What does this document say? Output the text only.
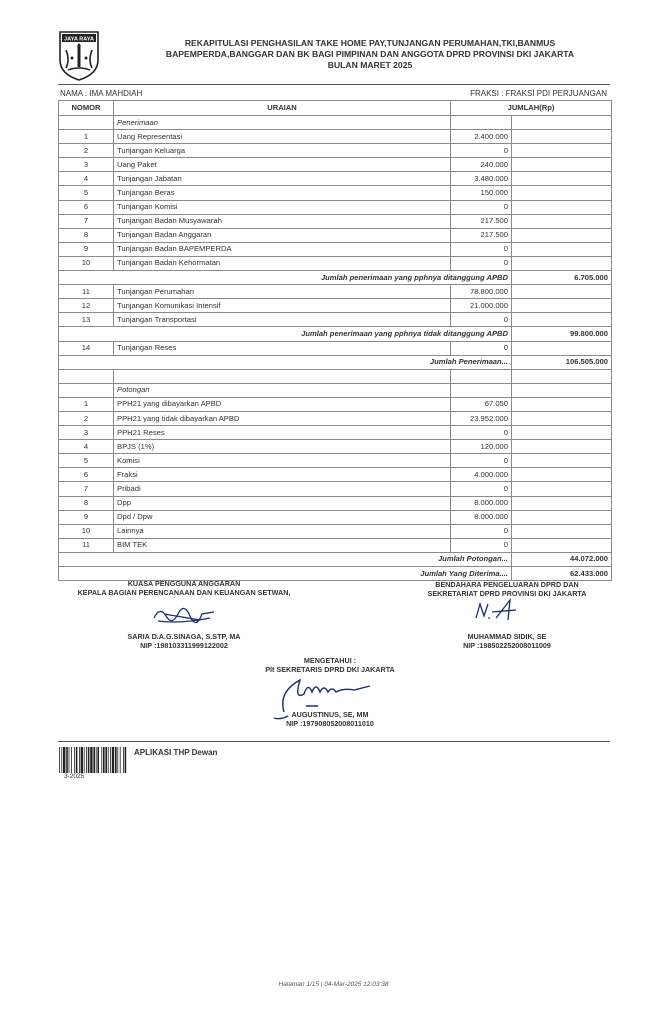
JAYA RAYA	REKAPITULASI PENGHASILAN TAKE HOME PAY,TUNJANGAN PERUMAHAN,TKI,BANMUS
BAPEMPERDA,BANGGAR DAN BK BAGI PIMPINAN DAN ANGGOTA DPRD PROVINSI DKI JAKARTA
BULAN MARET 2025
NAMA : IMA MAHDIAH	FRAKSI : FRAKSI PDI PERJUANGAN
NOMOR	URAIAN	JUMLAH(Rp)	
	Penerimaan		
1	Uang Representasi	2.400.000	
2	Tunjangan Keluarga	0	
3	Uang Paket	240.000	
4	Tunjangan Jabatan	3.480.000	
5	Tunjangan Beras	150.000	
6	Tunjangan Komisi	0	
7	Tunjangan Badan Musyawarah	217.500	
8	Tunjangan Badan Anggaran	217.500	
9	Tunjangan Badan BAPEMPERDA	0	
10	Tunjangan Badan Kehormatan	0	
Jumlah penerimaan yang pphnya ditanggung APBD			6.705.000
11	Tunjangan Perumahan	78.800.000	
12	Tunjangan Komunikasi Intensif	21.000.000	
13	Tunjangan Transportasi	0	
Jumlah penerimaan yang pphnya tidak ditanggung APBD			99.800.000
14	Tunjangan Reses	0	
Jumlah Penerimaan...			106.505.000

	Potongan		
1	PPH21 yang dibayarkan APBD	67.050	
2	PPH21 yang tidak dibayarkan APBD	23.952.000	
3	PPH21 Reses	0	
4	BPJS (1%)	120.000	
5	Komisi	0	
6	Fraksi	4.000.000	
7	Pribadi	0	
8	Dpp	8.000.000	
9	Dpd / Dpw	8.000.000	
10	Lainnya	0	
11	BIM TEK	0	
Jumlah Potongan...			44.072.000
Jumlah Yang Diterima....			62.433.000
KUASA PENGGUNA ANGGARAN
KEPALA BAGIAN PERENCANAAN DAN KEUANGAN SETWAN,
SARIA D.A.G.SINAGA, S.STP, MA
NIP :198103311999122002
BENDAHARA PENGELUARAN DPRD DAN
SEKRETARIAT DPRD PROVINSI DKI JAKARTA
MUHAMMAD SIDIK, SE
NIP :198502252008011009
MENGETAHUI :
Plt SEKRETARIS DPRD DKI JAKARTA
AUGUSTINUS, SE, MM
NIP :197908052008011010
3-2025
APLIKASI THP Dewan
Halaman 1/15 | 04-Mar-2025 12:03:38
